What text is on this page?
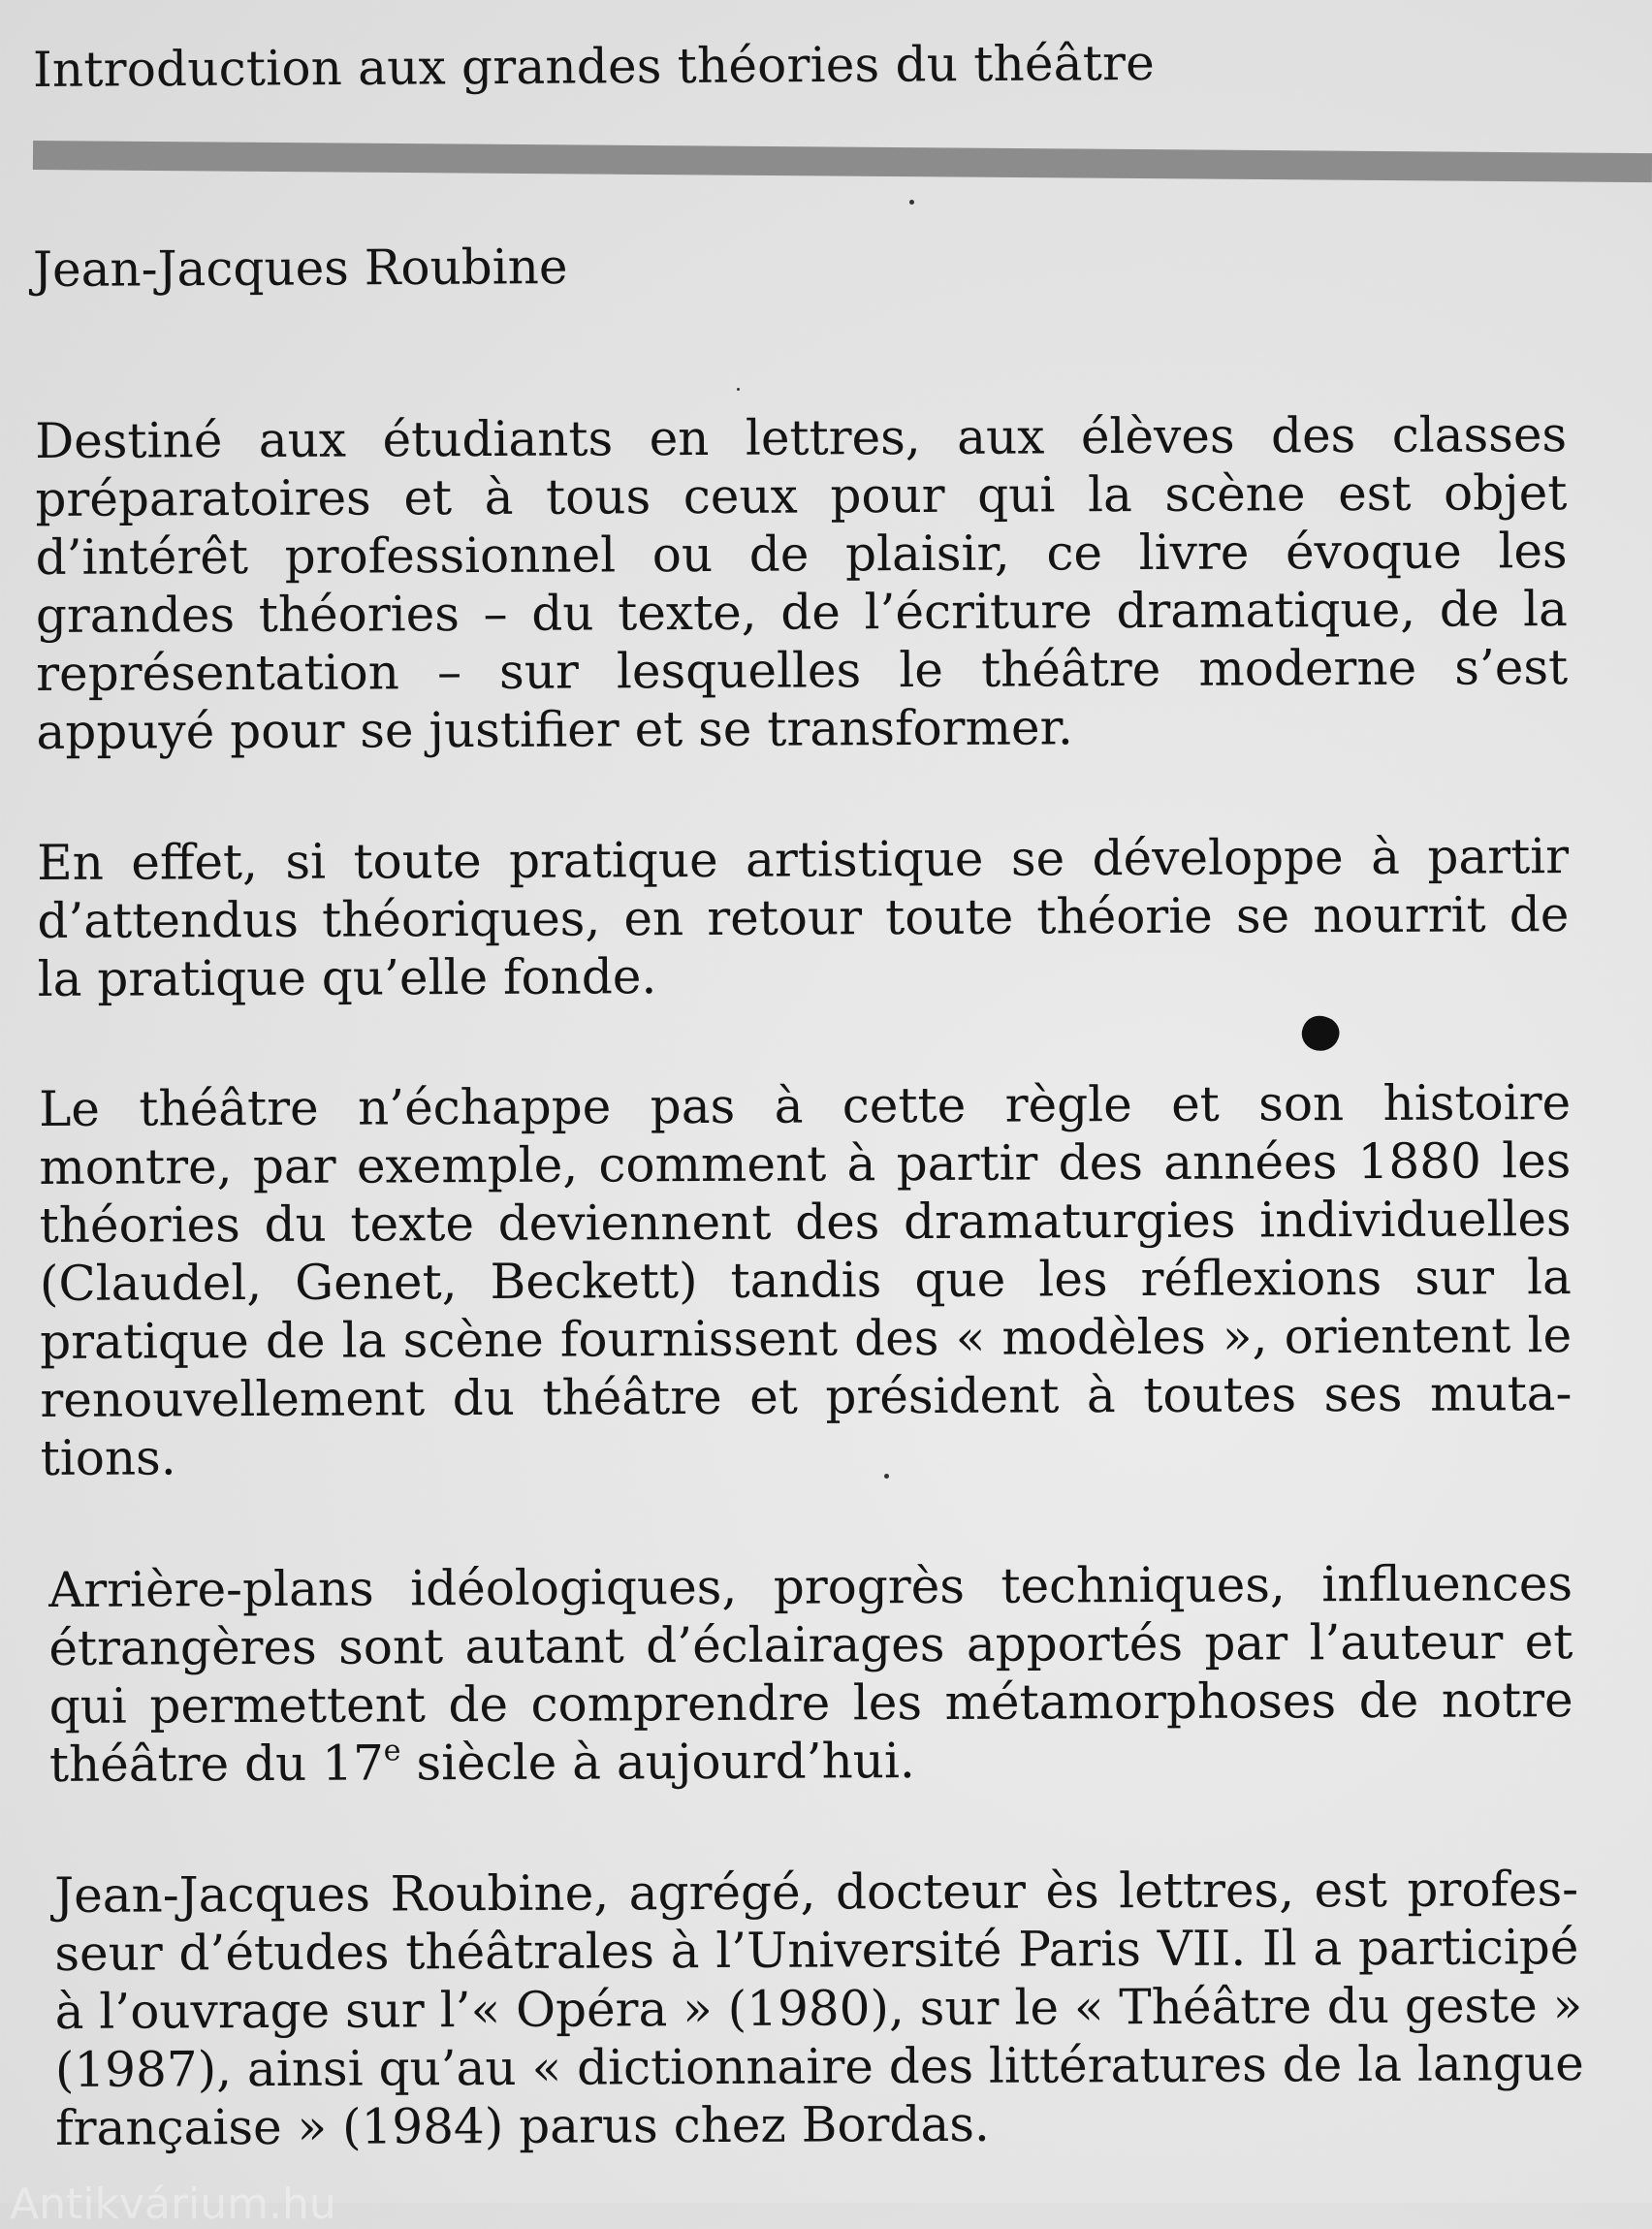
Introduction aux grandes théories du théâtre
Jean-Jacques Roubine
Destiné aux étudiants en lettres, aux élèves des classes
préparatoires et à tous ceux pour qui la scène est objet
d’intérêt professionnel ou de plaisir, ce livre évoque les
grandes théories – du texte, de l’écriture dramatique, de la
représentation – sur lesquelles le théâtre moderne s’est
appuyé pour se justifier et se transformer.
En effet, si toute pratique artistique se développe à partir
d’attendus théoriques, en retour toute théorie se nourrit de
la pratique qu’elle fonde.
Le théâtre n’échappe pas à cette règle et son histoire
montre, par exemple, comment à partir des années 1880 les
théories du texte deviennent des dramaturgies individuelles
(Claudel, Genet, Beckett) tandis que les réflexions sur la
pratique de la scène fournissent des « modèles », orientent le
renouvellement du théâtre et président à toutes ses muta-
tions.
Arrière-plans idéologiques, progrès techniques, influences
étrangères sont autant d’éclairages apportés par l’auteur et
qui permettent de comprendre les métamorphoses de notre
théâtre du 17e siècle à aujourd’hui.
Jean-Jacques Roubine, agrégé, docteur ès lettres, est profes-
seur d’études théâtrales à l’Université Paris VII. Il a participé
à l’ouvrage sur l’« Opéra » (1980), sur le « Théâtre du geste »
(1987), ainsi qu’au « dictionnaire des littératures de la langue
française » (1984) parus chez Bordas.
Antikvárium.hu
